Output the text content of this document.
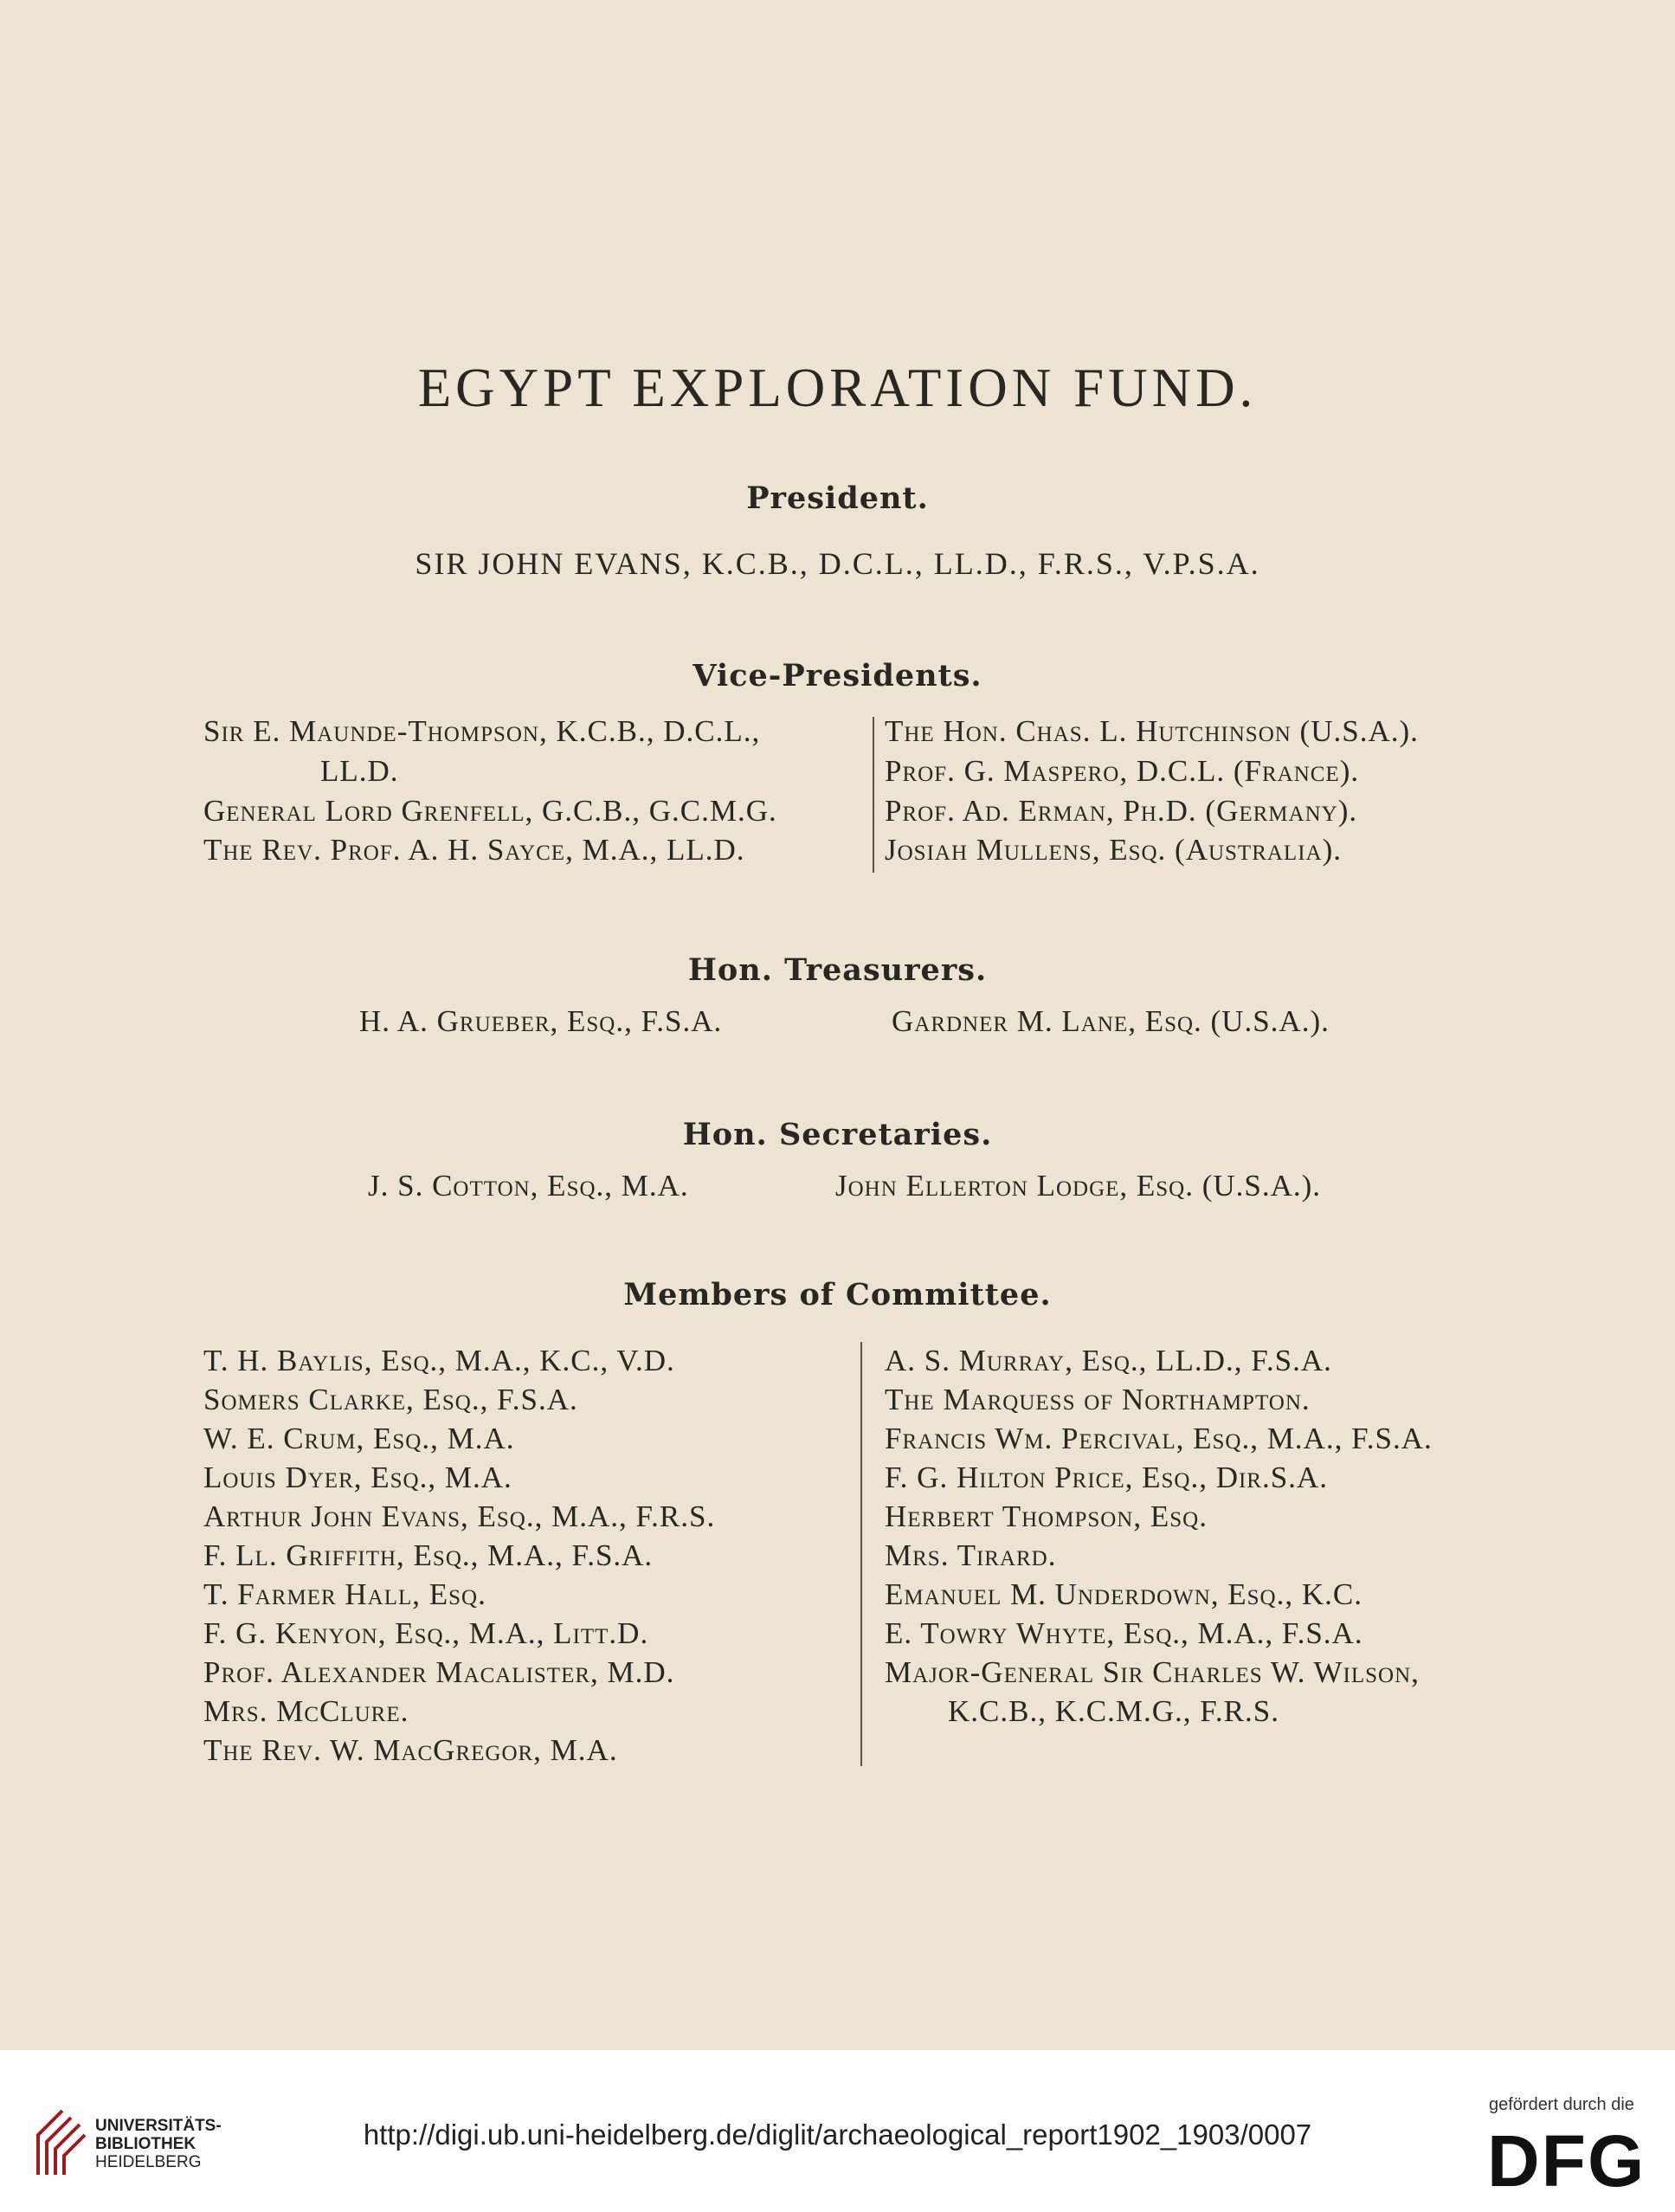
EGYPT EXPLORATION FUND.
President.
SIR JOHN EVANS, K.C.B., D.C.L., LL.D., F.R.S., V.P.S.A.
Vice-Presidents.
Sir E. Maunde-Thompson, K.C.B., D.C.L.,
LL.D.
General Lord Grenfell, G.C.B., G.C.M.G.
The Rev. Prof. A. H. Sayce, M.A., LL.D.
The Hon. Chas. L. Hutchinson (U.S.A.).
Prof. G. Maspero, D.C.L. (France).
Prof. Ad. Erman, Ph.D. (Germany).
Josiah Mullens, Esq. (Australia).
Hon. Treasurers.
H. A. Grueber, Esq., F.S.A.	Gardner M. Lane, Esq. (U.S.A.).
Hon. Secretaries.
J. S. Cotton, Esq., M.A.	John Ellerton Lodge, Esq. (U.S.A.).
Members of Committee.
T. H. Baylis, Esq., M.A., K.C., V.D.
Somers Clarke, Esq., F.S.A.
W. E. Crum, Esq., M.A.
Louis Dyer, Esq., M.A.
Arthur John Evans, Esq., M.A., F.R.S.
F. Ll. Griffith, Esq., M.A., F.S.A.
T. Farmer Hall, Esq.
F. G. Kenyon, Esq., M.A., Litt.D.
Prof. Alexander Macalister, M.D.
Mrs. McClure.
The Rev. W. MacGregor, M.A.
A. S. Murray, Esq., LL.D., F.S.A.
The Marquess of Northampton.
Francis Wm. Percival, Esq., M.A., F.S.A.
F. G. Hilton Price, Esq., Dir.S.A.
Herbert Thompson, Esq.
Mrs. Tirard.
Emanuel M. Underdown, Esq., K.C.
E. Towry Whyte, Esq., M.A., F.S.A.
Major-General Sir Charles W. Wilson,
K.C.B., K.C.M.G., F.R.S.
UNIVERSITÄTS-
BIBLIOTHEK
HEIDELBERG
http://digi.ub.uni-heidelberg.de/diglit/archaeological_report1902_1903/0007
gefördert durch die
DFG
